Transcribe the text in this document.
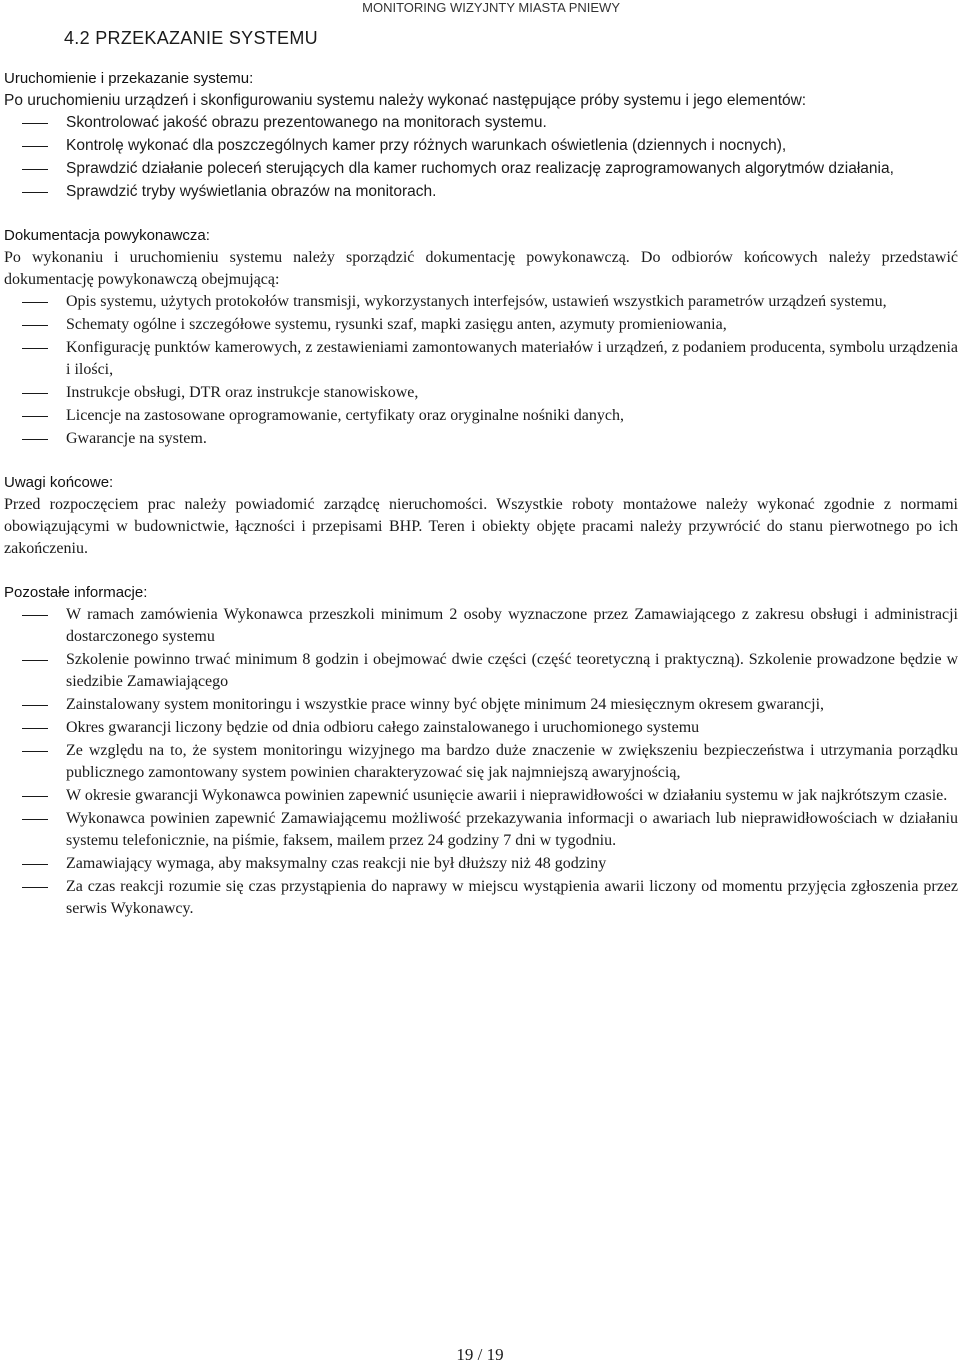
MONITORING WIZYJNTY MIASTA PNIEWY
4.2 PRZEKAZANIE SYSTEMU
Uruchomienie i przekazanie systemu:

Po uruchomieniu urządzeń i skonfigurowaniu systemu należy wykonać następujące próby systemu i jego elementów:

Skontrolować jakość obrazu prezentowanego na monitorach systemu.
Kontrolę wykonać dla poszczególnych kamer przy różnych warunkach oświetlenia (dziennych i nocnych),
Sprawdzić działanie poleceń sterujących dla kamer ruchomych oraz realizację zaprogramowanych algorytmów działania,
Sprawdzić tryby wyświetlania obrazów na monitorach.
Dokumentacja powykonawcza:

Po wykonaniu i uruchomieniu systemu należy sporządzić dokumentację powykonawczą. Do odbiorów końcowych należy przedstawić dokumentację powykonawczą obejmującą:

Opis systemu, użytych protokołów transmisji, wykorzystanych interfejsów, ustawień wszystkich parametrów urządzeń systemu,
Schematy ogólne i szczegółowe systemu, rysunki szaf, mapki zasięgu anten, azymuty promieniowania,
Konfigurację punktów kamerowych, z zestawieniami zamontowanych materiałów i urządzeń, z podaniem producenta, symbolu urządzenia i ilości,
Instrukcje obsługi, DTR oraz instrukcje stanowiskowe,
Licencje na zastosowane oprogramowanie, certyfikaty oraz oryginalne nośniki danych,
Gwarancje na system.
Uwagi końcowe:

Przed rozpoczęciem prac należy powiadomić zarządcę nieruchomości. Wszystkie roboty montażowe należy wykonać zgodnie z normami obowiązującymi w budownictwie, łączności i przepisami BHP. Teren i obiekty objęte pracami należy przywrócić do stanu pierwotnego po ich zakończeniu.

Pozostałe informacje:
W ramach zamówienia Wykonawca przeszkoli minimum 2 osoby wyznaczone przez Zamawiającego z zakresu obsługi i administracji dostarczonego systemu
Szkolenie powinno trwać minimum 8 godzin i obejmować dwie części (część teoretyczną i praktyczną). Szkolenie prowadzone będzie w siedzibie Zamawiającego
Zainstalowany system monitoringu i wszystkie prace winny być objęte minimum 24 miesięcznym okresem gwarancji,
Okres gwarancji liczony będzie od dnia odbioru całego zainstalowanego i uruchomionego systemu
Ze względu na to, że system monitoringu wizyjnego ma bardzo duże znaczenie w zwiększeniu bezpieczeństwa i utrzymania porządku publicznego zamontowany system powinien charakteryzować się jak najmniejszą awaryjnością,
W okresie gwarancji Wykonawca powinien zapewnić usunięcie awarii i nieprawidłowości w działaniu systemu w jak najkrótszym czasie.
Wykonawca powinien zapewnić Zamawiającemu możliwość przekazywania informacji o awariach lub nieprawidłowościach w działaniu systemu telefonicznie, na piśmie, faksem, mailem przez 24 godziny 7 dni w tygodniu.
Zamawiający wymaga, aby maksymalny czas reakcji nie był dłuższy niż 48 godziny
Za czas reakcji rozumie się czas przystąpienia do naprawy w miejscu wystąpienia awarii liczony od momentu przyjęcia zgłoszenia przez serwis Wykonawcy.
19 / 19
